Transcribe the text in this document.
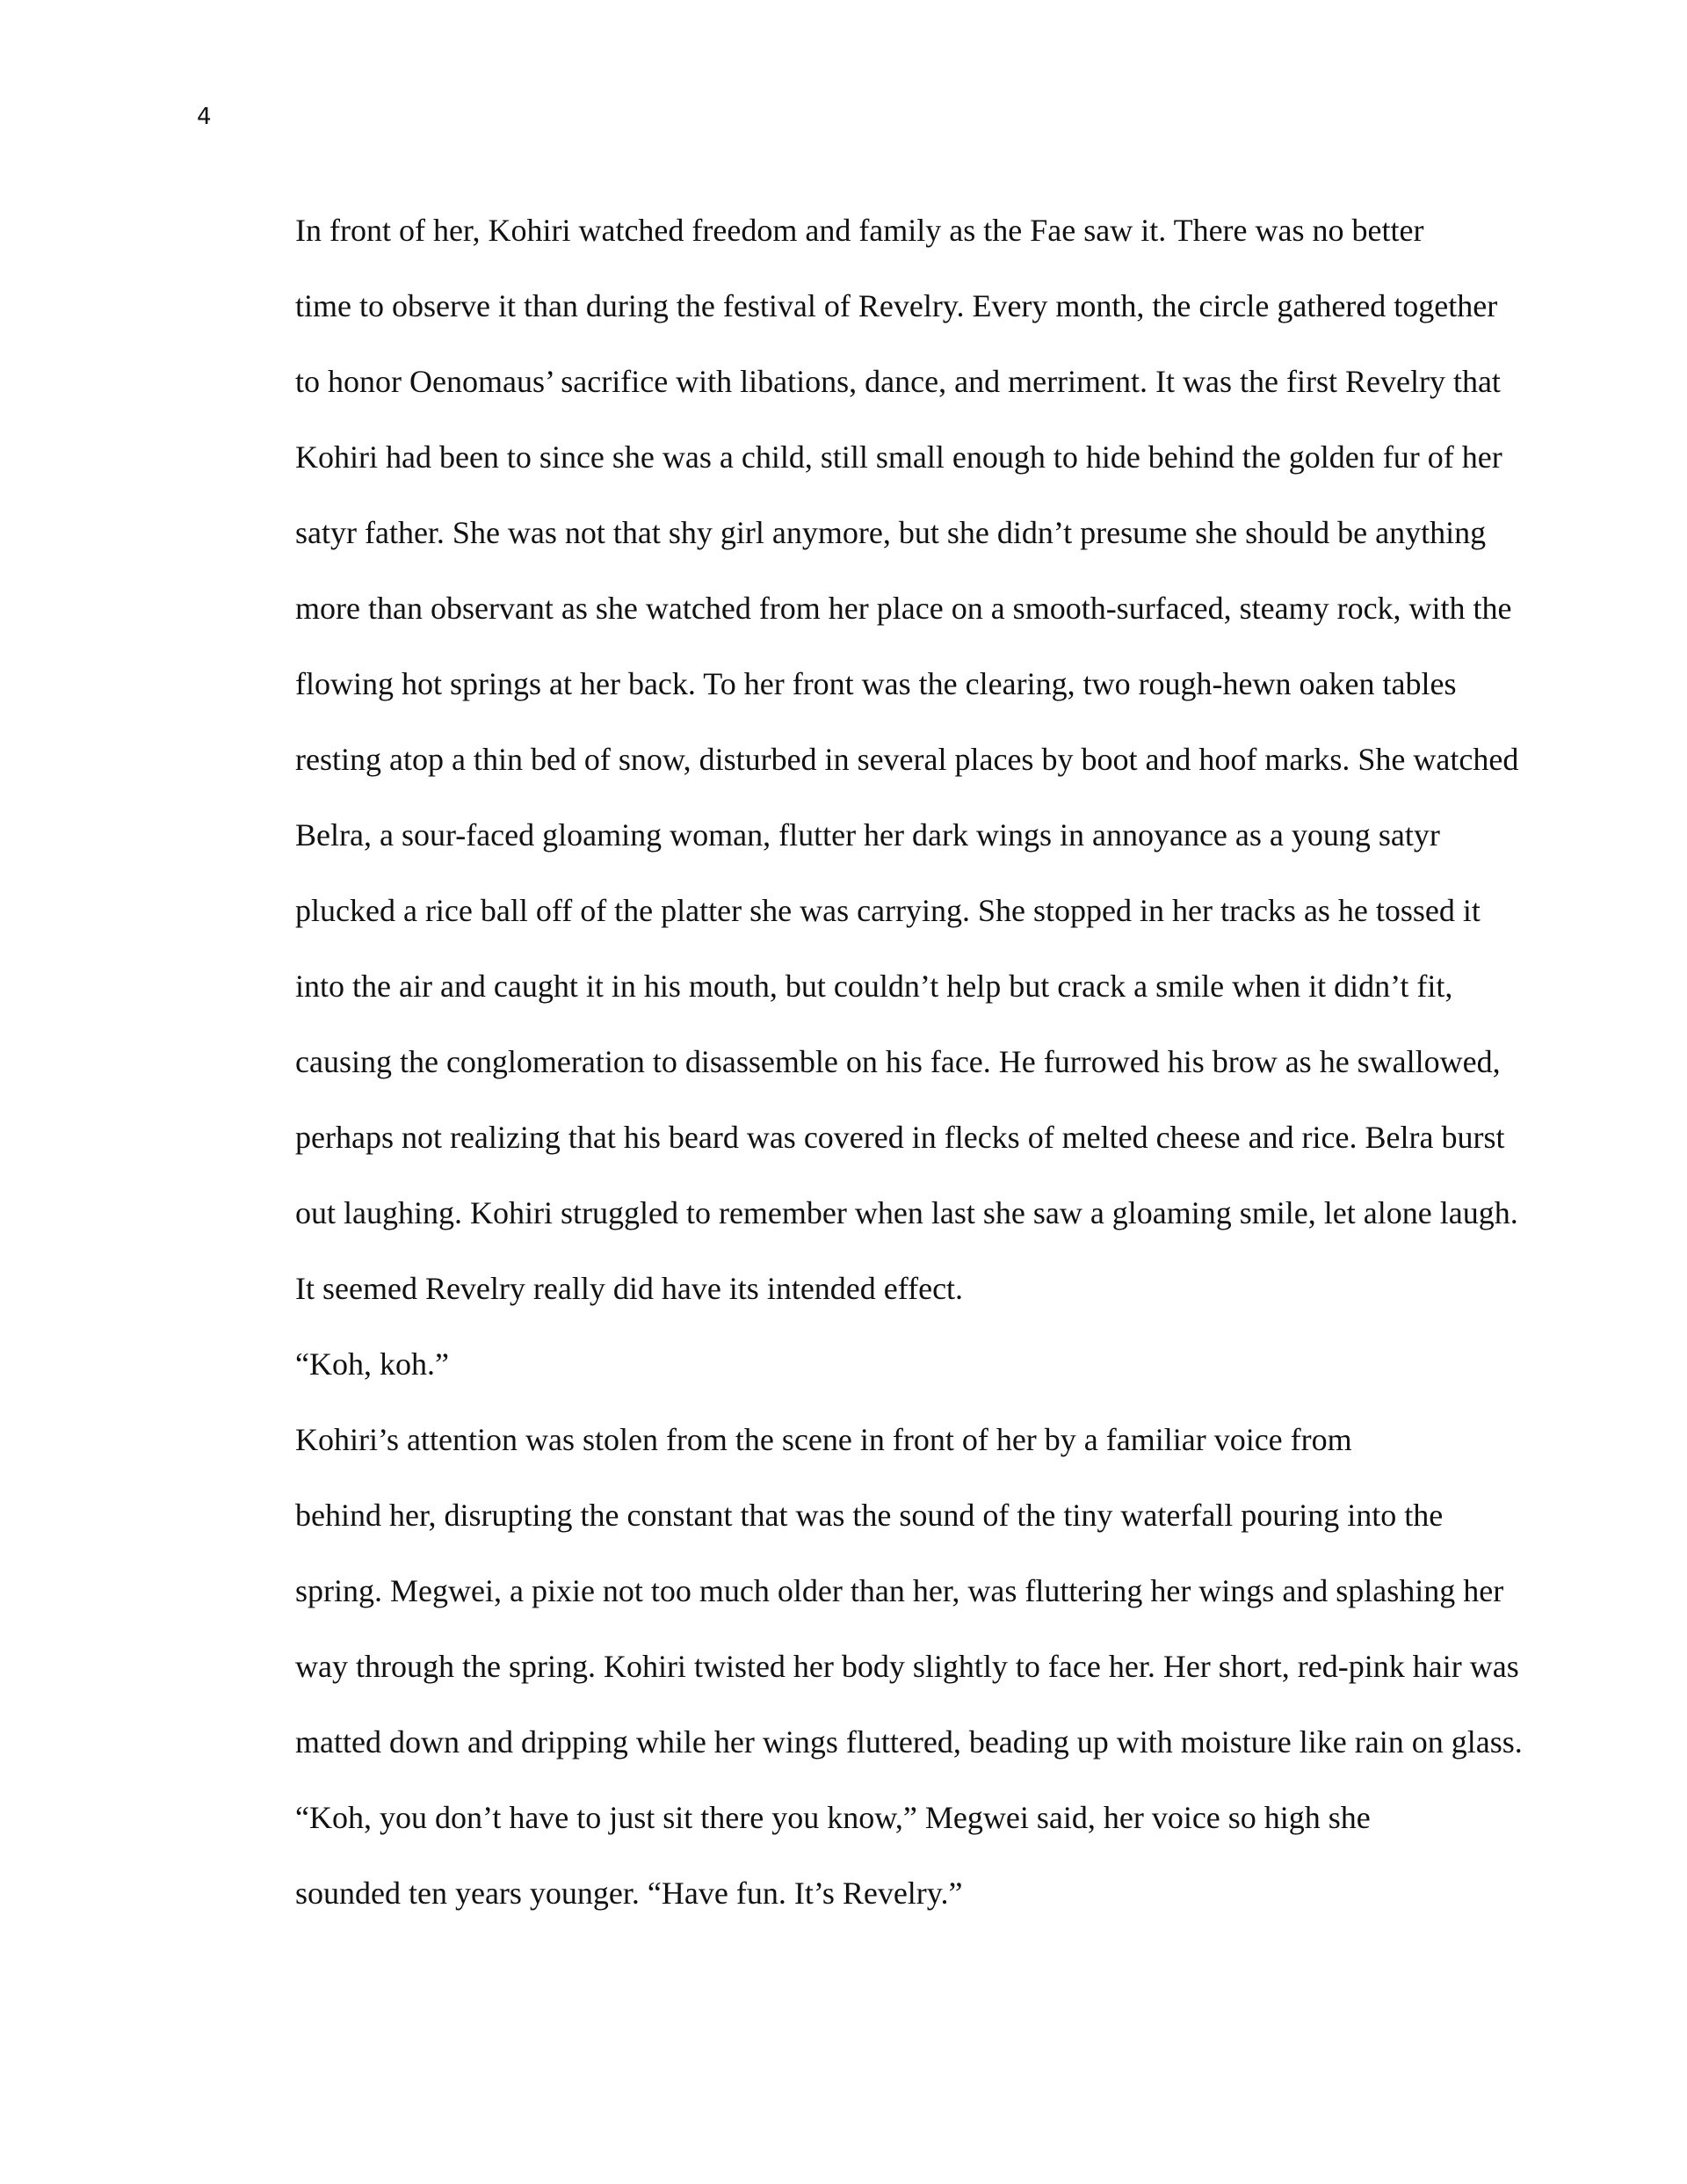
4

In front of her, Kohiri watched freedom and family as the Fae saw it. There was no better
time to observe it than during the festival of Revelry. Every month, the circle gathered together
to honor Oenomaus’ sacrifice with libations, dance, and merriment. It was the first Revelry that
Kohiri had been to since she was a child, still small enough to hide behind the golden fur of her
satyr father. She was not that shy girl anymore, but she didn’t presume she should be anything
more than observant as she watched from her place on a smooth-surfaced, steamy rock, with the
flowing hot springs at her back. To her front was the clearing, two rough-hewn oaken tables
resting atop a thin bed of snow, disturbed in several places by boot and hoof marks. She watched
Belra, a sour-faced gloaming woman, flutter her dark wings in annoyance as a young satyr
plucked a rice ball off of the platter she was carrying. She stopped in her tracks as he tossed it
into the air and caught it in his mouth, but couldn’t help but crack a smile when it didn’t fit,
causing the conglomeration to disassemble on his face. He furrowed his brow as he swallowed,
perhaps not realizing that his beard was covered in flecks of melted cheese and rice. Belra burst
out laughing. Kohiri struggled to remember when last she saw a gloaming smile, let alone laugh.
It seemed Revelry really did have its intended effect.

“Koh, koh.”

Kohiri’s attention was stolen from the scene in front of her by a familiar voice from
behind her, disrupting the constant that was the sound of the tiny waterfall pouring into the
spring. Megwei, a pixie not too much older than her, was fluttering her wings and splashing her
way through the spring. Kohiri twisted her body slightly to face her. Her short, red-pink hair was
matted down and dripping while her wings fluttered, beading up with moisture like rain on glass.

“Koh, you don’t have to just sit there you know,” Megwei said, her voice so high she
sounded ten years younger. “Have fun. It’s Revelry.”
